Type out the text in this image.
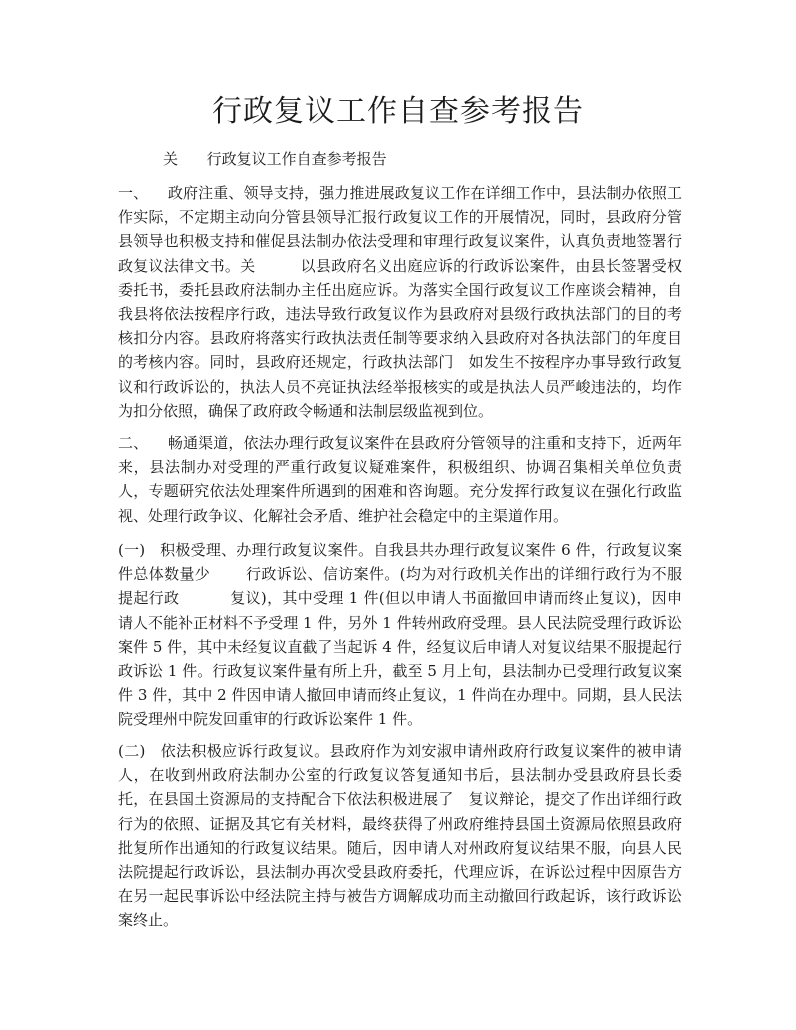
行政复议工作自查参考报告

关      行政复议工作自查参考报告

一、    政府注重、领导支持，强力推进展政复议工作在详细工作中，县法制办依照工作实际，不定期主动向分管县领导汇报行政复议工作的开展情况，同时，县政府分管县领导也积极支持和催促县法制办依法受理和审理行政复议案件，认真负责地签署行政复议法律文书。关         以县政府名义出庭应诉的行政诉讼案件，由县长签署受权委托书，委托县政府法制办主任出庭应诉。为落实全国行政复议工作座谈会精神，自我县将依法按程序行政，违法导致行政复议作为县政府对县级行政执法部门的目的考核扣分内容。县政府将落实行政执法责任制等要求纳入县政府对各执法部门的年度目的考核内容。同时，县政府还规定，行政执法部门   如发生不按程序办事导致行政复议和行政诉讼的，执法人员不亮证执法经举报核实的或是执法人员严峻违法的，均作为扣分依照，确保了政府政令畅通和法制层级监视到位。

二、    畅通渠道，依法办理行政复议案件在县政府分管领导的注重和支持下，近两年来，县法制办对受理的严重行政复议疑难案件，积极组织、协调召集相关单位负责人，专题研究依法处理案件所遇到的困难和咨询题。充分发挥行政复议在强化行政监视、处理行政争议、化解社会矛盾、维护社会稳定中的主渠道作用。

(一)   积极受理、办理行政复议案件。自我县共办理行政复议案件 6 件，行政复议案件总体数量少       行政诉讼、信访案件。(均为对行政机关作出的详细行政行为不服提起行政          复议)，其中受理 1 件(但以申请人书面撤回申请而终止复议)，因申请人不能补正材料不予受理 1 件，另外 1 件转州政府受理。县人民法院受理行政诉讼案件 5 件，其中未经复议直截了当起诉 4 件，经复议后申请人对复议结果不服提起行政诉讼 1 件。行政复议案件量有所上升，截至 5 月上旬，县法制办已受理行政复议案件 3 件，其中 2 件因申请人撤回申请而终止复议，1 件尚在办理中。同期，县人民法院受理州中院发回重审的行政诉讼案件 1 件。

(二)   依法积极应诉行政复议。县政府作为刘安淑申请州政府行政复议案件的被申请人，在收到州政府法制办公室的行政复议答复通知书后，县法制办受县政府县长委托，在县国土资源局的支持配合下依法积极进展了   复议辩论，提交了作出详细行政行为的依照、证据及其它有关材料，最终获得了州政府维持县国土资源局依照县政府批复所作出通知的行政复议结果。随后，因申请人对州政府复议结果不服，向县人民法院提起行政诉讼，县法制办再次受县政府委托，代理应诉，在诉讼过程中因原告方在另一起民事诉讼中经法院主持与被告方调解成功而主动撤回行政起诉，该行政诉讼案终止。
